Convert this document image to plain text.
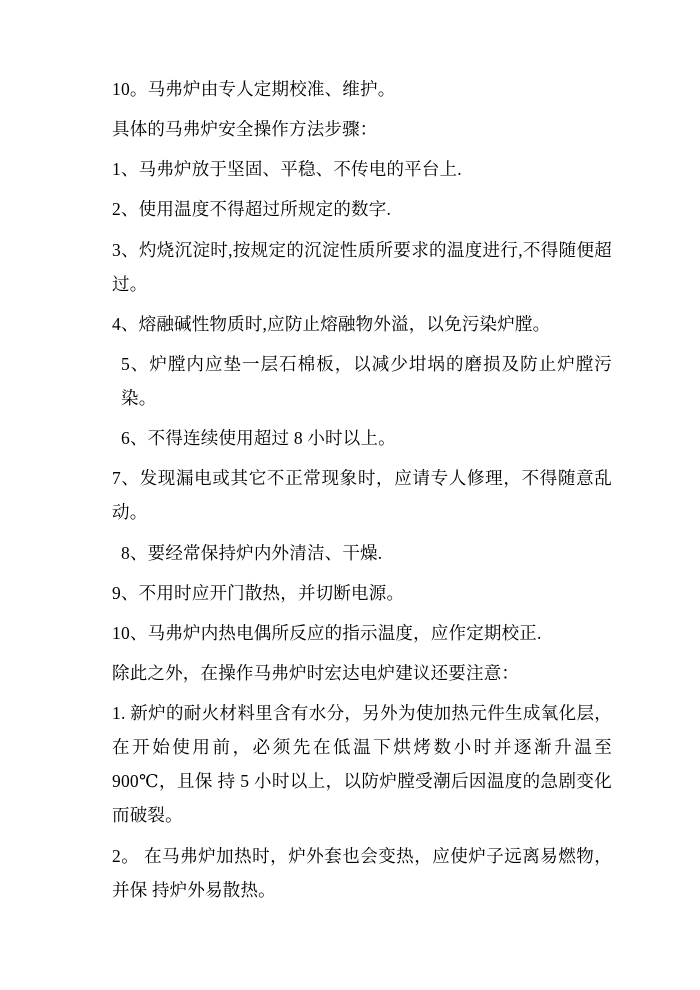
10。马弗炉由专人定期校准、维护。

具体的马弗炉安全操作方法步骤：

1、马弗炉放于坚固、平稳、不传电的平台上.

2、使用温度不得超过所规定的数字.

3、灼烧沉淀时,按规定的沉淀性质所要求的温度进行,不得随便超过。

4、熔融碱性物质时,应防止熔融物外溢，以免污染炉膛。

5、炉膛内应垫一层石棉板，以减少坩埚的磨损及防止炉膛污染。

6、不得连续使用超过 8 小时以上。

7、发现漏电或其它不正常现象时，应请专人修理，不得随意乱动。

8、要经常保持炉内外清洁、干燥.

9、不用时应开门散热，并切断电源。

10、马弗炉内热电偶所反应的指示温度，应作定期校正.

除此之外，在操作马弗炉时宏达电炉建议还要注意：

1. 新炉的耐火材料里含有水分，另外为使加热元件生成氧化层，在开始使用前，必须先在低温下烘烤数小时并逐渐升温至900℃，且保 持 5 小时以上，以防炉膛受潮后因温度的急剧变化而破裂。

2。 在马弗炉加热时，炉外套也会变热，应使炉子远离易燃物，并保 持炉外易散热。
